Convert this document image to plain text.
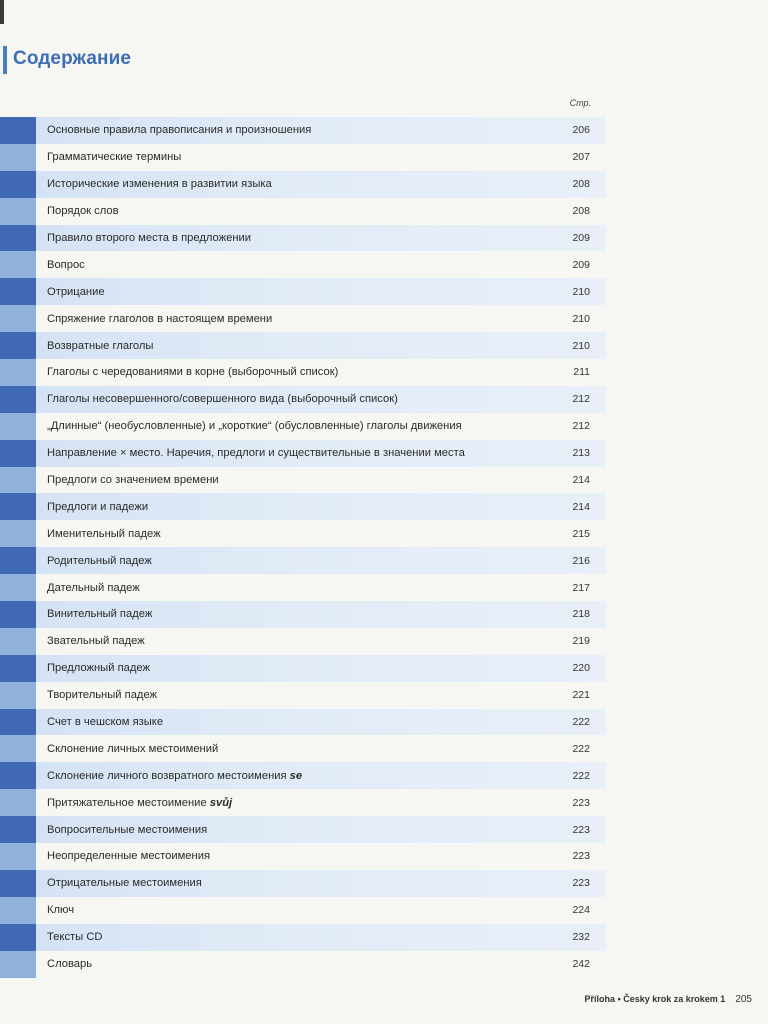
Содержание
Стр.
Основные правила правописания и произношения	206
Грамматические термины	207
Исторические изменения в развитии языка	208
Порядок слов	208
Правило второго места в предложении	209
Вопрос	209
Отрицание	210
Спряжение глаголов в настоящем времени	210
Возвратные глаголы	210
Глаголы с чередованиями в корне (выборочный список)	211
Глаголы несовершенного/совершенного вида (выборочный список)	212
„Длинные“ (необусловленные) и „короткие“ (обусловленные) глаголы движения	212
Направление × место. Наречия, предлоги и существительные в значении места	213
Предлоги со значением времени	214
Предлоги и падежи	214
Именительный падеж	215
Родительный падеж	216
Дательный падеж	217
Винительный падеж	218
Звательный падеж	219
Предложный падеж	220
Творительный падеж	221
Счет в чешском языке	222
Склонение личных местоимений	222
Склонение личного возвратного местоимения se	222
Притяжательное местоимение svůj	223
Вопросительные местоимения	223
Неопределенные местоимения	223
Отрицательные местоимения	223
Ключ	224
Тексты CD	232
Словарь	242
Příloha • Česky krok za krokem 1 205
